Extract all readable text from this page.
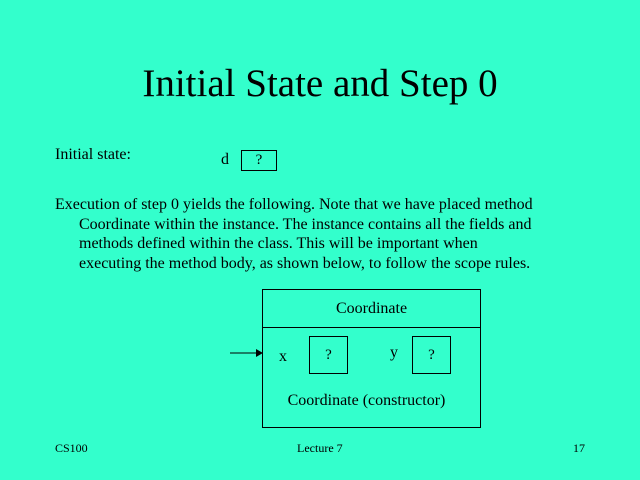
Initial State and Step 0
Initial state:	d	?
Execution of step 0 yields the following. Note that we have placed method
Coordinate within the instance. The instance contains all the fields and
methods defined within the class. This will be important when
executing the method body, as shown below, to follow the scope rules.
Coordinate
x	?	y	?
Coordinate (constructor)
CS100	Lecture 7	17
